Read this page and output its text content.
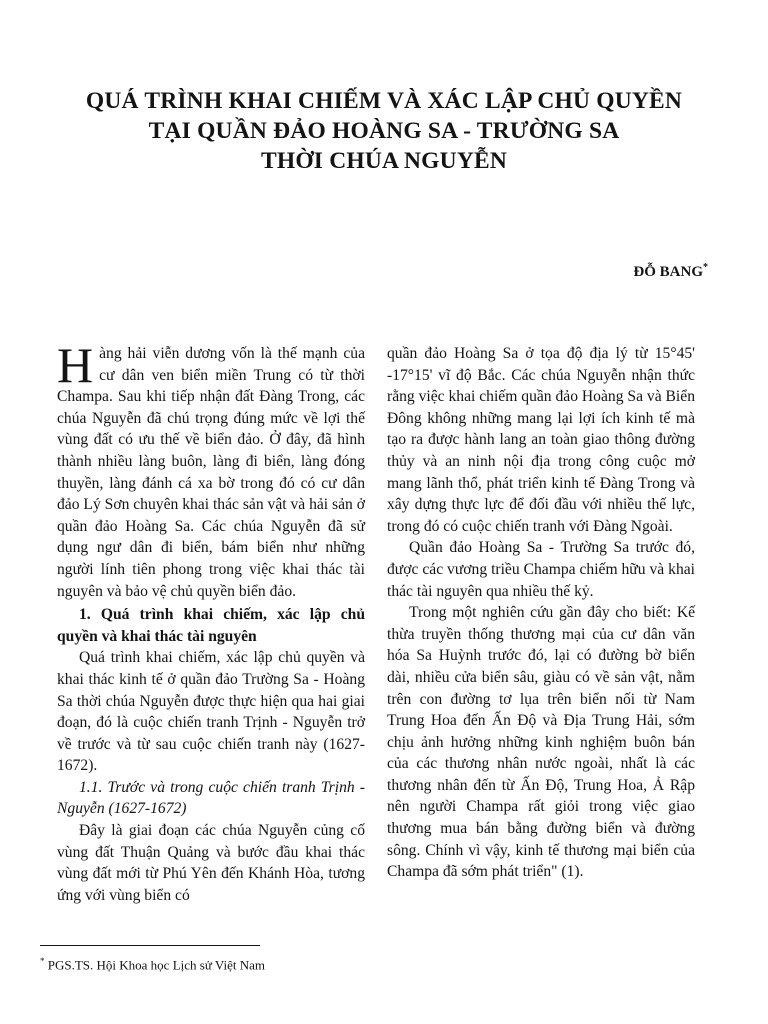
QUÁ TRÌNH KHAI CHIẾM VÀ XÁC LẬP CHỦ QUYỀN
TẠI QUẦN ĐẢO HOÀNG SA - TRƯỜNG SA
THỜI CHÚA NGUYỄN
ĐỖ BANG*

Hàng hải viễn dương vốn là thế mạnh của cư dân ven biển miền Trung có từ thời Champa. Sau khi tiếp nhận đất Đàng Trong, các chúa Nguyễn đã chú trọng đúng mức về lợi thế vùng đất có ưu thế về biển đảo. Ở đây, đã hình thành nhiều làng buôn, làng đi biển, làng đóng thuyền, làng đánh cá xa bờ trong đó có cư dân đảo Lý Sơn chuyên khai thác sản vật và hải sản ở quần đảo Hoàng Sa. Các chúa Nguyễn đã sử dụng ngư dân đi biển, bám biển như những người lính tiên phong trong việc khai thác tài nguyên và bảo vệ chủ quyền biển đảo.

1. Quá trình khai chiếm, xác lập chủ quyền và khai thác tài nguyên

Quá trình khai chiếm, xác lập chủ quyền và khai thác kinh tế ở quần đảo Trường Sa - Hoàng Sa thời chúa Nguyễn được thực hiện qua hai giai đoạn, đó là cuộc chiến tranh Trịnh - Nguyễn trở về trước và từ sau cuộc chiến tranh này (1627-1672).

1.1. Trước và trong cuộc chiến tranh Trịnh - Nguyễn (1627-1672)

Đây là giai đoạn các chúa Nguyễn củng cố vùng đất Thuận Quảng và bước đầu khai thác vùng đất mới từ Phú Yên đến Khánh Hòa, tương ứng với vùng biển có

quần đảo Hoàng Sa ở tọa độ địa lý từ 15°45' -17°15' vĩ độ Bắc. Các chúa Nguyễn nhận thức rằng việc khai chiếm quần đảo Hoàng Sa và Biển Đông không những mang lại lợi ích kinh tế mà tạo ra được hành lang an toàn giao thông đường thủy và an ninh nội địa trong công cuộc mở mang lãnh thổ, phát triển kinh tế Đàng Trong và xây dựng thực lực để đối đầu với nhiều thế lực, trong đó có cuộc chiến tranh với Đàng Ngoài.

Quần đảo Hoàng Sa - Trường Sa trước đó, được các vương triều Champa chiếm hữu và khai thác tài nguyên qua nhiều thế kỷ.

Trong một nghiên cứu gần đây cho biết: Kế thừa truyền thống thương mại của cư dân văn hóa Sa Huỳnh trước đó, lại có đường bờ biển dài, nhiều cửa biển sâu, giàu có về sản vật, nằm trên con đường tơ lụa trên biển nối từ Nam Trung Hoa đến Ấn Độ và Địa Trung Hải, sớm chịu ảnh hưởng những kinh nghiệm buôn bán của các thương nhân nước ngoài, nhất là các thương nhân đến từ Ấn Độ, Trung Hoa, Ả Rập nên người Champa rất giỏi trong việc giao thương mua bán bằng đường biển và đường sông. Chính vì vậy, kinh tế thương mại biển của Champa đã sớm phát triển" (1).

* PGS.TS. Hội Khoa học Lịch sử Việt Nam
